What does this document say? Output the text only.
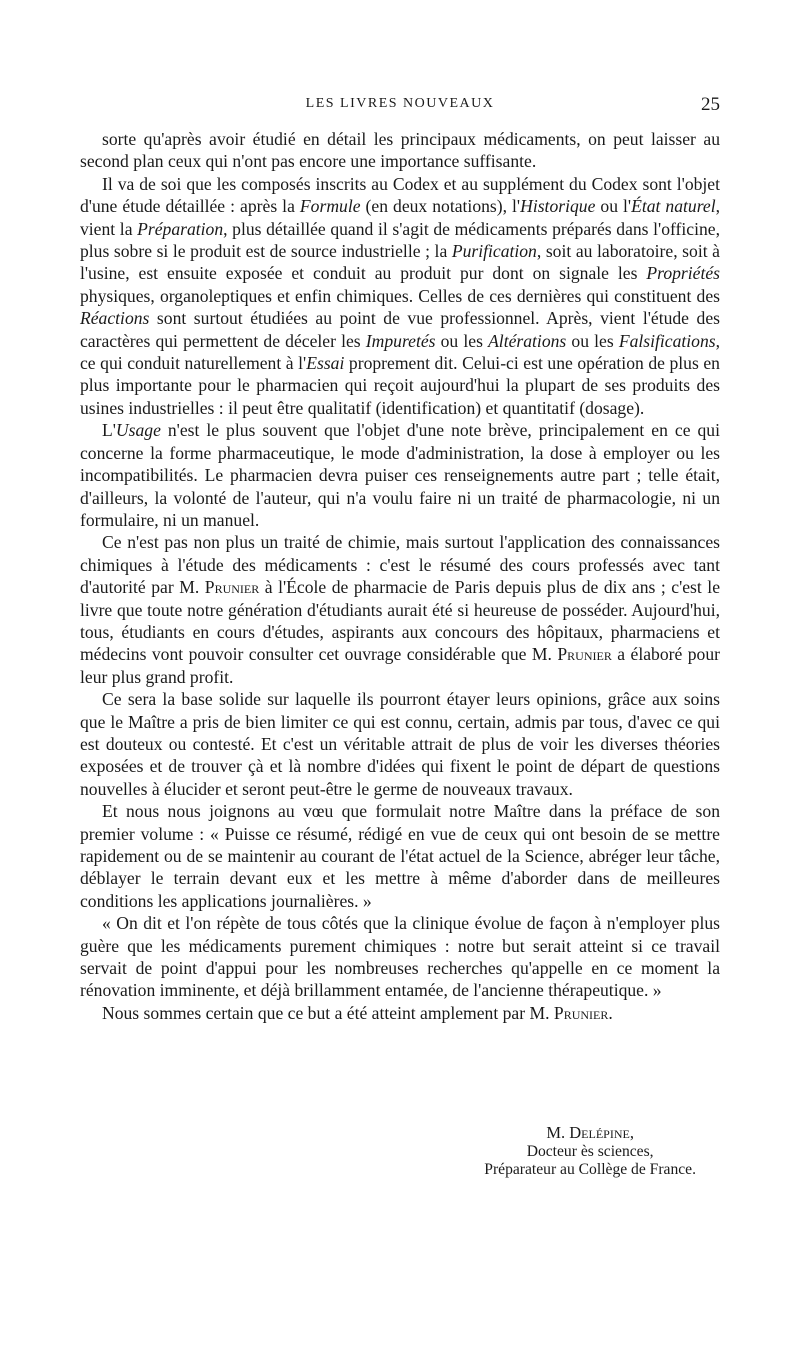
LES LIVRES NOUVEAUX	25

sorte qu'après avoir étudié en détail les principaux médicaments, on peut laisser au second plan ceux qui n'ont pas encore une importance suffisante.

Il va de soi que les composés inscrits au Codex et au supplément du Codex sont l'objet d'une étude détaillée : après la Formule (en deux notations), l'Historique ou l'État naturel, vient la Préparation, plus détaillée quand il s'agit de médicaments préparés dans l'officine, plus sobre si le produit est de source industrielle ; la Purification, soit au laboratoire, soit à l'usine, est ensuite exposée et conduit au produit pur dont on signale les Propriétés physiques, organoleptiques et enfin chimiques. Celles de ces dernières qui constituent des Réactions sont surtout étudiées au point de vue professionnel. Après, vient l'étude des caractères qui permettent de déceler les Impuretés ou les Altérations ou les Falsifications, ce qui conduit naturellement à l'Essai proprement dit. Celui-ci est une opération de plus en plus importante pour le pharmacien qui reçoit aujourd'hui la plupart de ses produits des usines industrielles : il peut être qualitatif (identification) et quantitatif (dosage).

L'Usage n'est le plus souvent que l'objet d'une note brève, principalement en ce qui concerne la forme pharmaceutique, le mode d'administration, la dose à employer ou les incompatibilités. Le pharmacien devra puiser ces renseignements autre part ; telle était, d'ailleurs, la volonté de l'auteur, qui n'a voulu faire ni un traité de pharmacologie, ni un formulaire, ni un manuel.

Ce n'est pas non plus un traité de chimie, mais surtout l'application des connaissances chimiques à l'étude des médicaments : c'est le résumé des cours professés avec tant d'autorité par M. Prunier à l'École de pharmacie de Paris depuis plus de dix ans ; c'est le livre que toute notre génération d'étudiants aurait été si heureuse de posséder. Aujourd'hui, tous, étudiants en cours d'études, aspirants aux concours des hôpitaux, pharmaciens et médecins vont pouvoir consulter cet ouvrage considérable que M. Prunier a élaboré pour leur plus grand profit.

Ce sera la base solide sur laquelle ils pourront étayer leurs opinions, grâce aux soins que le Maître a pris de bien limiter ce qui est connu, certain, admis par tous, d'avec ce qui est douteux ou contesté. Et c'est un véritable attrait de plus de voir les diverses théories exposées et de trouver çà et là nombre d'idées qui fixent le point de départ de questions nouvelles à élucider et seront peut-être le germe de nouveaux travaux.

Et nous nous joignons au vœu que formulait notre Maître dans la préface de son premier volume : « Puisse ce résumé, rédigé en vue de ceux qui ont besoin de se mettre rapidement ou de se maintenir au courant de l'état actuel de la Science, abréger leur tâche, déblayer le terrain devant eux et les mettre à même d'aborder dans de meilleures conditions les applications journalières. »

« On dit et l'on répète de tous côtés que la clinique évolue de façon à n'employer plus guère que les médicaments purement chimiques : notre but serait atteint si ce travail servait de point d'appui pour les nombreuses recherches qu'appelle en ce moment la rénovation imminente, et déjà brillamment entamée, de l'ancienne thérapeutique. »

Nous sommes certain que ce but a été atteint amplement par M. Prunier.

M. Delépine,
Docteur ès sciences,
Préparateur au Collège de France.
